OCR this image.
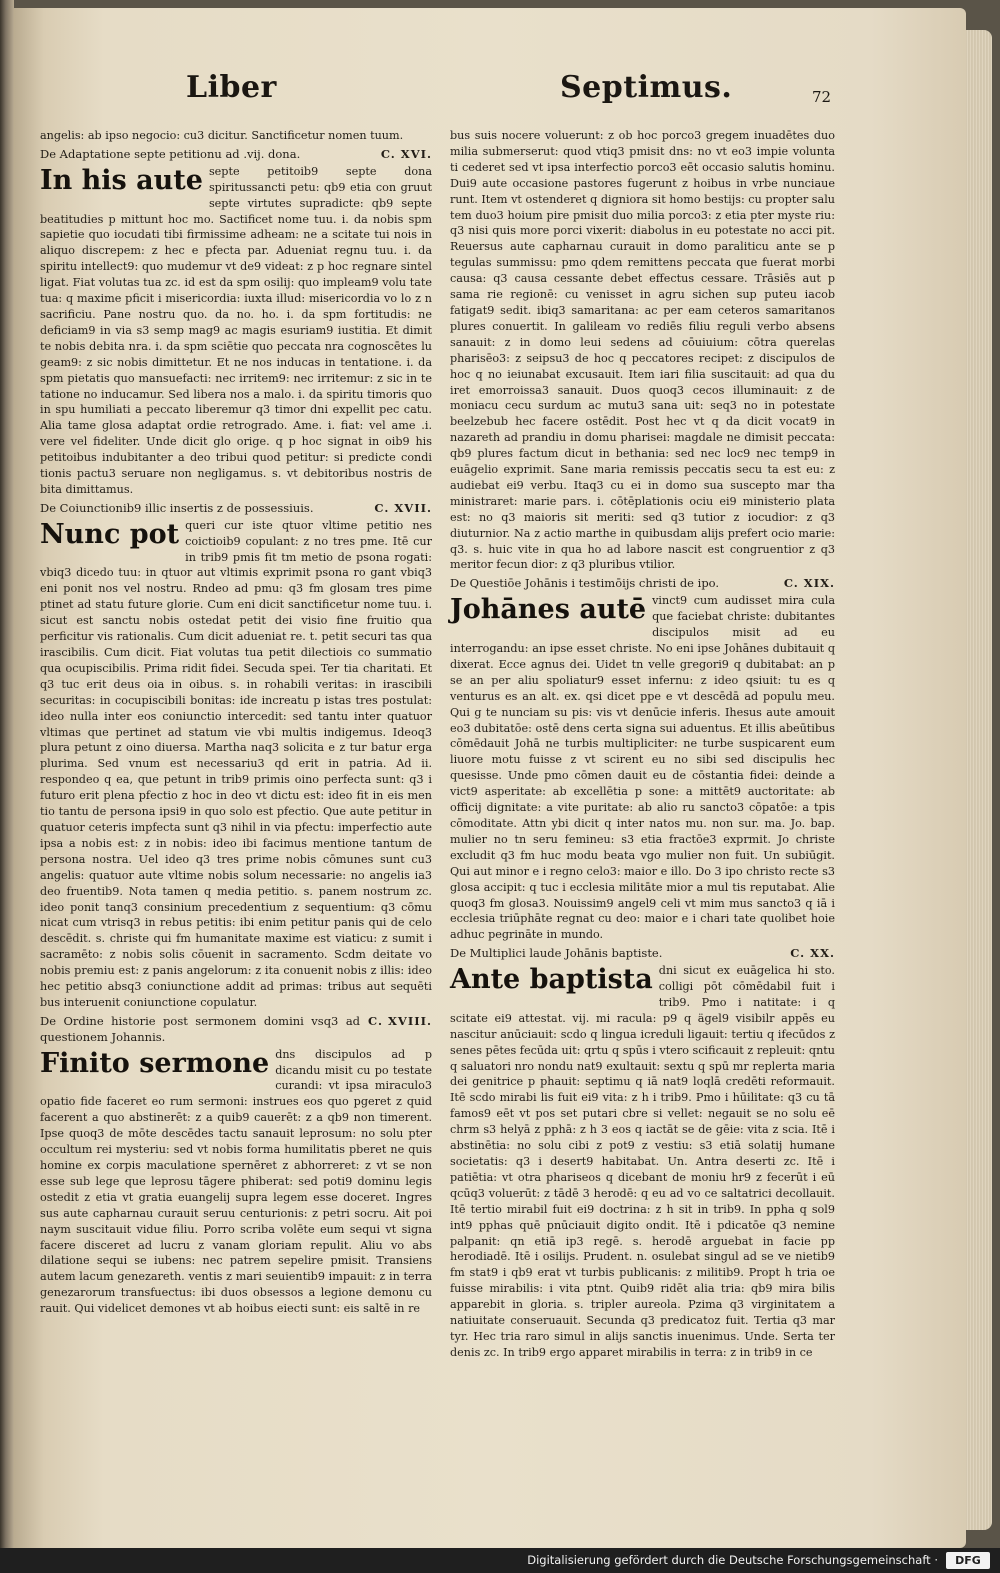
Liber	Septimus.	72
angelis: ab ipso negocio: cu3 dicitur. Sanctificetur nomen tuum.
De Adaptatione septe petitionu ad .vij. dona.	C. XVI.
In his aute septe petitoib9 septe dona spiritussancti petu: qb9 etia con gruut septe virtutes supradicte: qb9 septe beatitudies p mittunt hoc mo. Sactificet nome tuu. i. da nobis spm sapietie quo iocudati tibi firmissime adheam: ne a scitate tui nois in aliquo discrepem: z hec e pfecta par. Adueniat regnu tuu. i. da spiritu intellect9: quo mudemur vt de9 videat: z p hoc regnare sintel ligat. Fiat volutas tua zc. id est da spm osilij: quo impleam9 volu tate tua: q maxime pficit i misericordia: iuxta illud: misericordia vo lo z n sacrificiu. Pane nostru quo. da no. ho. i. da spm fortitudis: ne deficiam9 in via s3 semp mag9 ac magis esuriam9 iustitia. Et dimit te nobis debita nra. i. da spm sciētie quo peccata nra cognoscētes lu geam9: z sic nobis dimittetur. Et ne nos inducas in tentatione. i. da spm pietatis quo mansuefacti: nec irritem9: nec irritemur: z sic in te tatione no inducamur. Sed libera nos a malo. i. da spiritu timoris quo in spu humiliati a peccato liberemur q3 timor dni expellit pec catu. Alia tame glosa adaptat ordie retrogrado. Ame. i. fiat: vel ame .i. vere vel fideliter. Unde dicit glo orige. q p hoc signat in oib9 his petitoibus indubitanter a deo tribui quod petitur: si predicte condi tionis pactu3 seruare non negligamus. s. vt debitoribus nostris de bita dimittamus.
De Coiunctionib9 illic insertis z de possessiuis.	C. XVII.
Nunc pot queri cur iste qtuor vltime petitio nes coictioib9 copulant: z no tres pme. Itē cur in trib9 pmis fit tm metio de psona rogati: vbiq3 dicedo tuu: in qtuor aut vltimis exprimit psona ro gant vbiq3 eni ponit nos vel nostru. Rndeo ad pmu: q3 fm glosam tres pime ptinet ad statu future glorie. Cum eni dicit sanctificetur nome tuu. i. sicut est sanctu nobis ostedat petit dei visio fine fruitio qua perficitur vis rationalis. Cum dicit adueniat re. t. petit securi tas qua irascibilis. Cum dicit. Fiat volutas tua petit dilectiois co summatio qua ocupiscibilis. Prima ridit fidei. Secuda spei. Ter tia charitati. Et q3 tuc erit deus oia in oibus. s. in rohabili veritas: in irascibili securitas: in cocupiscibili bonitas: ide increatu p istas tres postulat: ideo nulla inter eos coniunctio intercedit: sed tantu inter quatuor vltimas que pertinet ad statum vie vbi multis indigemus. Ideoq3 plura petunt z oino diuersa. Martha naq3 solicita e z tur batur erga plurima. Sed vnum est necessariu3 qd erit in patria. Ad ii. respondeo q ea, que petunt in trib9 primis oino perfecta sunt: q3 i futuro erit plena pfectio z hoc in deo vt dictu est: ideo fit in eis men tio tantu de persona ipsi9 in quo solo est pfectio. Que aute petitur in quatuor ceteris impfecta sunt q3 nihil in via pfectu: imperfectio aute ipsa a nobis est: z in nobis: ideo ibi facimus mentione tantum de persona nostra. Uel ideo q3 tres prime nobis cōmunes sunt cu3 angelis: quatuor aute vltime nobis solum necessarie: no angelis ia3 deo fruentib9. Nota tamen q media petitio. s. panem nostrum zc. ideo ponit tanq3 consinium precedentium z sequentium: q3 cōmu nicat cum vtrisq3 in rebus petitis: ibi enim petitur panis qui de celo descēdit. s. christe qui fm humanitate maxime est viaticu: z sumit i sacramēto: z nobis solis cōuenit in sacramento. Scdm deitate vo nobis premiu est: z panis angelorum: z ita conuenit nobis z illis: ideo hec petitio absq3 coniunctione addit ad primas: tribus aut sequēti bus interuenit coniunctione copulatur.
De Ordine historie post sermonem domini vsq3 ad questionem Johannis.
C. XVIII.
Finito sermone dns discipulos ad p dicandu misit cu po testate curandi: vt ipsa miraculo3 opatio fide faceret eo rum sermoni: instrues eos quo pgeret z quid facerent a quo abstinerēt: z a quib9 cauerēt: z a qb9 non timerent. Ipse quoq3 de mōte descēdes tactu sanauit leprosum: no solu pter occultum rei mysteriu: sed vt nobis forma humilitatis pberet ne quis homine ex corpis maculatione spernēret z abhorreret: z vt se non esse sub lege que leprosu tāgere phiberat: sed poti9 dominu legis ostedit z etia vt gratia euangelij supra legem esse doceret. Ingres sus aute capharnau curauit seruu centurionis: z petri socru. Ait poi naym suscitauit vidue filiu. Porro scriba volēte eum sequi vt signa facere disceret ad lucru z vanam gloriam repulit. Aliu vo abs dilatione sequi se iubens: nec patrem sepelire pmisit. Transiens autem lacum genezareth. ventis z mari seuientib9 impauit: z in terra genezarorum transfuectus: ibi duos obsessos a legione demonu cu rauit. Qui videlicet demones vt ab hoibus eiecti sunt: eis saltē in re
bus suis nocere voluerunt: z ob hoc porco3 gregem inuadētes duo milia submerserut: quod vtiq3 pmisit dns: no vt eo3 impie volunta ti cederet sed vt ipsa interfectio porco3 eēt occasio salutis hominu. Dui9 aute occasione pastores fugerunt z hoibus in vrbe nunciaue runt. Item vt ostenderet q digniora sit homo bestijs: cu propter salu tem duo3 hoium pire pmisit duo milia porco3: z etia pter myste riu: q3 nisi quis more porci vixerit: diabolus in eu potestate no acci pit. Reuersus aute capharnau curauit in domo paraliticu ante se p tegulas summissu: pmo qdem remittens peccata que fuerat morbi causa: q3 causa cessante debet effectus cessare. Trāsiēs aut p sama rie regionē: cu venisset in agru sichen sup puteu iacob fatigat9 sedit. ibiq3 samaritana: ac per eam ceteros samaritanos plures conuertit. In galileam vo rediēs filiu reguli verbo absens sanauit: z in domo leui sedens ad cōuiuium: cōtra querelas pharisēo3: z seipsu3 de hoc q peccatores recipet: z discipulos de hoc q no ieiunabat excusauit. Item iari filia suscitauit: ad qua du iret emorroissa3 sanauit. Duos quoq3 cecos illuminauit: z de moniacu cecu surdum ac mutu3 sana uit: seq3 no in potestate beelzebub hec facere ostēdit. Post hec vt q da dicit vocat9 in nazareth ad prandiu in domu pharisei: magdale ne dimisit peccata: qb9 plures factum dicut in bethania: sed nec loc9 nec temp9 in euāgelio exprimit. Sane maria remissis peccatis secu ta est eu: z audiebat ei9 verbu. Itaq3 cu ei in domo sua suscepto mar tha ministraret: marie pars. i. cōtēplationis ociu ei9 ministerio plata est: no q3 maioris sit meriti: sed q3 tutior z iocudior: z q3 diuturnior. Na z actio marthe in quibusdam alijs prefert ocio marie: q3. s. huic vite in qua ho ad labore nascit est congruentior z q3 meritor fecun dior: z q3 pluribus vtilior.
De Questiōe Johānis i testimōijs christi de ipo.	C. XIX.
Johānes autē vinct9 cum audisset mira cula que faciebat christe: dubitantes discipulos misit ad eu interrogandu: an ipse esset christe. No eni ipse Johānes dubitauit q dixerat. Ecce agnus dei. Uidet tn velle gregori9 q dubitabat: an p se an per aliu spoliatur9 esset infernu: z ideo qsiuit: tu es q venturus es an alt. ex. qsi dicet ppe e vt descēdā ad populu meu. Qui g te nunciam su pis: vis vt denūcie inferis. Ihesus aute amouit eo3 dubitatōe: ostē dens certa signa sui aduentus. Et illis abeūtibus cōmēdauit Johā ne turbis multipliciter: ne turbe suspicarent eum liuore motu fuisse z vt scirent eu no sibi sed discipulis hec quesisse. Unde pmo cōmen dauit eu de cōstantia fidei: deinde a vict9 asperitate: ab excellētia p sone: a mittēt9 auctoritate: ab officij dignitate: a vite puritate: ab alio ru sancto3 cōpatōe: a tpis cōmoditate. Attn ybi dicit q inter natos mu. non sur. ma. Jo. bap. mulier no tn seru femineu: s3 etia fractōe3 exprmit. Jo christe excludit q3 fm huc modu beata vgo mulier non fuit. Un subiūgit. Qui aut minor e i regno celo3: maior e illo. Do 3 ipo christo recte s3 glosa accipit: q tuc i ecclesia militāte mior a mul tis reputabat. Alie quoq3 fm glosa3. Nouissim9 angel9 celi vt mim mus sancto3 q iā i ecclesia triūphāte regnat cu deo: maior e i chari tate quolibet hoie adhuc pegrināte in mundo.
De Multiplici laude Johānis baptiste.	C. XX.
Ante baptista dni sicut ex euāgelica hi sto. colligi pōt cōmēdabil fuit i trib9. Pmo i natitate: i q scitate ei9 attestat. vij. mi racula: p9 q ägel9 visibilr appēs eu nascitur anūciauit: scdo q lingua icreduli ligauit: tertiu q ifecūdos z senes pētes fecūda uit: qrtu q spūs i vtero scificauit z repleuit: qntu q saluatori nro nondu nat9 exultauit: sextu q spū mr replerta maria dei genitrice p phauit: septimu q iā nat9 loqlā credēti reformauit. Itē scdo mirabi lis fuit ei9 vita: z h i trib9. Pmo i hūilitate: q3 cu tā famos9 eēt vt pos set putari cbre si vellet: negauit se no solu eē chrm s3 helyā z pphā: z h 3 eos q iactāt se de gēie: vita z scia. Itē i abstinētia: no solu cibi z pot9 z vestiu: s3 etiā solatij humane societatis: q3 i desert9 habitabat. Un. Antra deserti zc. Itē i patiētia: vt otra phariseos q dicebant de moniu hr9 z fecerūt i eū qcūq3 voluerūt: z tādē 3 herodē: q eu ad vo ce saltatrici decollauit. Itē tertio mirabil fuit ei9 doctrina: z h sit in trib9. In ppha q sol9 int9 pphas quē pnūciauit digito ondit. Itē i pdicatōe q3 nemine palpanit: qn etiā ip3 regē. s. herodē arguebat in facie pp herodiadē. Itē i osilijs. Prudent. n. osulebat singul ad se ve nietib9 fm stat9 i qb9 erat vt turbis publicanis: z militib9. Propt h tria oe fuisse mirabilis: i vita ptnt. Quib9 ridēt alia tria: qb9 mira bilis apparebit in gloria. s. tripler aureola. Pzima q3 virginitatem a natiuitate conseruauit. Secunda q3 predicatoz fuit. Tertia q3 mar tyr. Hec tria raro simul in alijs sanctis inuenimus. Unde. Serta ter denis zc. In trib9 ergo apparet mirabilis in terra: z in trib9 in ce
Digitalisierung gefördert durch die Deutsche Forschungsgemeinschaft ·	DFG
